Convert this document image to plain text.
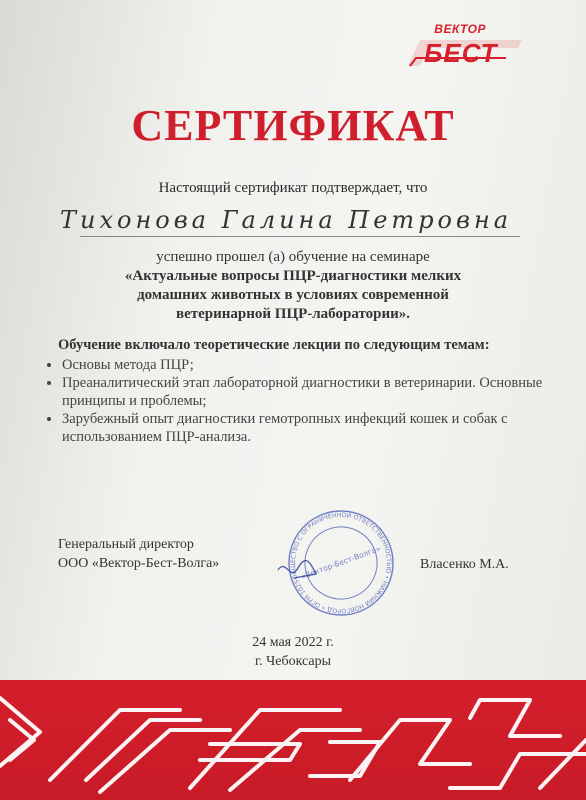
ВЕКТОР
БЕСТ
СЕРТИФИКАТ
Настоящий сертификат подтверждает, что
Тихонова Галина Петровна
успешно прошел (а) обучение на семинаре
«Актуальные вопросы ПЦР-диагностики мелких
домашних животных в условиях современной
ветеринарной ПЦР-лаборатории».
Обучение включало теоретические лекции по следующим темам:
• Основы метода ПЦР;
• Преаналитический этап лабораторной диагностики в ветеринарии. Основные принципы и проблемы;
• Зарубежный опыт диагностики гемотропных инфекций кошек и собак с использованием ПЦР-анализа.
Генеральный директор
ООО «Вектор-Бест-Волга»
ОБЩЕСТВО С ОГРАНИЧЕННОЙ ОТВЕТСТВЕННОСТЬЮ • НИЖНИЙ НОВГОРОД • ОГРН 1025203017064
«Вектор-Бест-Волга»	Власенко М.А.
24 мая 2022 г.
г. Чебоксары
